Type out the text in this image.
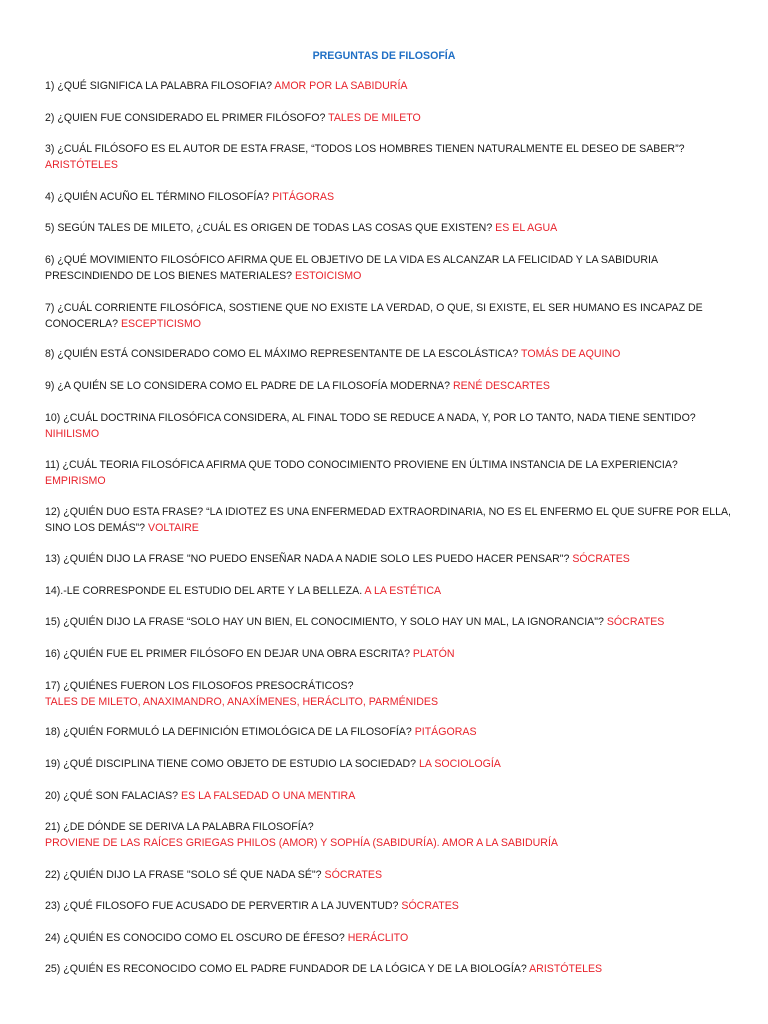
PREGUNTAS DE FILOSOFÍA
1) ¿QUÉ SIGNIFICA LA PALABRA FILOSOFIA? AMOR POR LA SABIDURÍA
2) ¿QUIEN FUE CONSIDERADO EL PRIMER FILÓSOFO? TALES DE MILETO
3) ¿CUÁL FILÓSOFO ES EL AUTOR DE ESTA FRASE, “TODOS LOS HOMBRES TIENEN NATURALMENTE EL DESEO DE SABER”?
ARISTÓTELES
4) ¿QUIÉN ACUÑO EL TÉRMINO FILOSOFÍA? PITÁGORAS
5) SEGÚN TALES DE MILETO, ¿CUÁL ES ORIGEN DE TODAS LAS COSAS QUE EXISTEN? ES EL AGUA
6) ¿QUÉ MOVIMIENTO FILOSÓFICO AFIRMA QUE EL OBJETIVO DE LA VIDA ES ALCANZAR LA FELICIDAD Y LA SABIDURIA PRESCINDIENDO DE LOS BIENES MATERIALES? ESTOICISMO
7) ¿CUÁL CORRIENTE FILOSÓFICA, SOSTIENE QUE NO EXISTE LA VERDAD, O QUE, SI EXISTE, EL SER HUMANO ES INCAPAZ DE CONOCERLA? ESCEPTICISMO
8) ¿QUIÉN ESTÁ CONSIDERADO COMO EL MÁXIMO REPRESENTANTE DE LA ESCOLÁSTICA? TOMÁS DE AQUINO
9) ¿A QUIÉN SE LO CONSIDERA COMO EL PADRE DE LA FILOSOFÍA MODERNA? RENÉ DESCARTES
10) ¿CUÁL DOCTRINA FILOSÓFICA CONSIDERA, AL FINAL TODO SE REDUCE A NADA, Y, POR LO TANTO, NADA TIENE SENTIDO?
NIHILISMO
11) ¿CUÁL TEORIA FILOSÓFICA AFIRMA QUE TODO CONOCIMIENTO PROVIENE EN ÚLTIMA INSTANCIA DE LA EXPERIENCIA?
EMPIRISMO
12) ¿QUIÉN DUO ESTA FRASE? “LA IDIOTEZ ES UNA ENFERMEDAD EXTRAORDINARIA, NO ES EL ENFERMO EL QUE SUFRE POR ELLA, SINO LOS DEMÁS”? VOLTAIRE
13) ¿QUIÉN DIJO LA FRASE "NO PUEDO ENSEÑAR NADA A NADIE SOLO LES PUEDO HACER PENSAR"? SÓCRATES
14).-LE CORRESPONDE EL ESTUDIO DEL ARTE Y LA BELLEZA. A LA ESTÉTICA
15) ¿QUIÉN DIJO LA FRASE “SOLO HAY UN BIEN, EL CONOCIMIENTO, Y SOLO HAY UN MAL, LA IGNORANCIA"? SÓCRATES
16) ¿QUIÉN FUE EL PRIMER FILÓSOFO EN DEJAR UNA OBRA ESCRITA? PLATÓN
17) ¿QUIÉNES FUERON LOS FILOSOFOS PRESOCRÁTICOS?
TALES DE MILETO, ANAXIMANDRO, ANAXÍMENES, HERÁCLITO, PARMÉNIDES
18) ¿QUIÉN FORMULÓ LA DEFINICIÓN ETIMOLÓGICA DE LA FILOSOFÍA? PITÁGORAS
19) ¿QUÉ DISCIPLINA TIENE COMO OBJETO DE ESTUDIO LA SOCIEDAD? LA SOCIOLOGÍA
20) ¿QUÉ SON FALACIAS? ES LA FALSEDAD O UNA MENTIRA
21) ¿DE DÓNDE SE DERIVA LA PALABRA FILOSOFÍA?
PROVIENE DE LAS RAÍCES GRIEGAS PHILOS (AMOR) Y SOPHÍA (SABIDURÍA). AMOR A LA SABIDURÍA
22) ¿QUIÉN DIJO LA FRASE "SOLO SÉ QUE NADA SÉ"? SÓCRATES
23) ¿QUÉ FILOSOFO FUE ACUSADO DE PERVERTIR A LA JUVENTUD? SÓCRATES
24) ¿QUIÉN ES CONOCIDO COMO EL OSCURO DE ÉFESO? HERÁCLITO
25) ¿QUIÉN ES RECONOCIDO COMO EL PADRE FUNDADOR DE LA LÓGICA Y DE LA BIOLOGÍA? ARISTÓTELES
